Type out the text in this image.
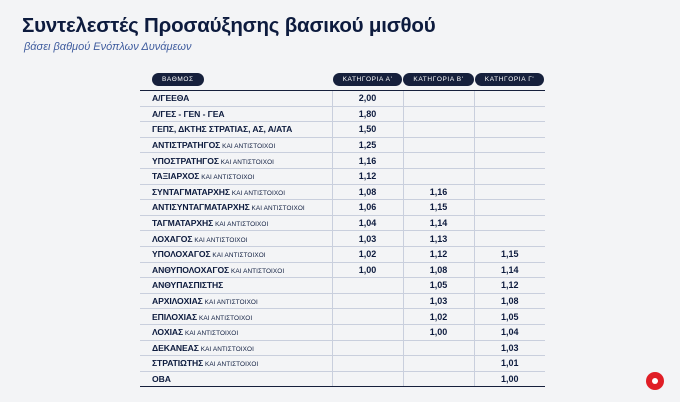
Συντελεστές Προσαύξησης βασικού μισθού
βάσει βαθμού Ενόπλων Δυνάμεων
ΒΑΘΜΟΣ	ΚΑΤΗΓΟΡΙΑ Α'	ΚΑΤΗΓΟΡΙΑ Β'	ΚΑΤΗΓΟΡΙΑ Γ'
Α/ΓΕΕΘΑ	2,00		
Α/ΓΕΣ - ΓΕΝ - ΓΕΑ	1,80		
ΓΕΠΣ, ΔΚΤΗΣ ΣΤΡΑΤΙΑΣ, ΑΣ, Α/ΑΤΑ	1,50		
ΑΝΤΙΣΤΡΑΤΗΓΟΣ ΚΑΙ ΑΝΤΙΣΤΟΙΧΟΙ	1,25		
ΥΠΟΣΤΡΑΤΗΓΟΣ ΚΑΙ ΑΝΤΙΣΤΟΙΧΟΙ	1,16		
ΤΑΞΙΑΡΧΟΣ ΚΑΙ ΑΝΤΙΣΤΟΙΧΟΙ	1,12		
ΣΥΝΤΑΓΜΑΤΑΡΧΗΣ ΚΑΙ ΑΝΤΙΣΤΟΙΧΟΙ	1,08	1,16	
ΑΝΤΙΣΥΝΤΑΓΜΑΤΑΡΧΗΣ ΚΑΙ ΑΝΤΙΣΤΟΙΧΟΙ	1,06	1,15	
ΤΑΓΜΑΤΑΡΧΗΣ ΚΑΙ ΑΝΤΙΣΤΟΙΧΟΙ	1,04	1,14	
ΛΟΧΑΓΟΣ ΚΑΙ ΑΝΤΙΣΤΟΙΧΟΙ	1,03	1,13	
ΥΠΟΛΟΧΑΓΟΣ ΚΑΙ ΑΝΤΙΣΤΟΙΧΟΙ	1,02	1,12	1,15
ΑΝΘΥΠΟΛΟΧΑΓΟΣ ΚΑΙ ΑΝΤΙΣΤΟΙΧΟΙ	1,00	1,08	1,14
ΑΝΘΥΠΑΣΠΙΣΤΗΣ		1,05	1,12
ΑΡΧΙΛΟΧΙΑΣ ΚΑΙ ΑΝΤΙΣΤΟΙΧΟΙ		1,03	1,08
ΕΠΙΛΟΧΙΑΣ ΚΑΙ ΑΝΤΙΣΤΟΙΧΟΙ		1,02	1,05
ΛΟΧΙΑΣ ΚΑΙ ΑΝΤΙΣΤΟΙΧΟΙ		1,00	1,04
ΔΕΚΑΝΕΑΣ ΚΑΙ ΑΝΤΙΣΤΟΙΧΟΙ			1,03
ΣΤΡΑΤΙΩΤΗΣ ΚΑΙ ΑΝΤΙΣΤΟΙΧΟΙ			1,01
ΟΒΑ			1,00
